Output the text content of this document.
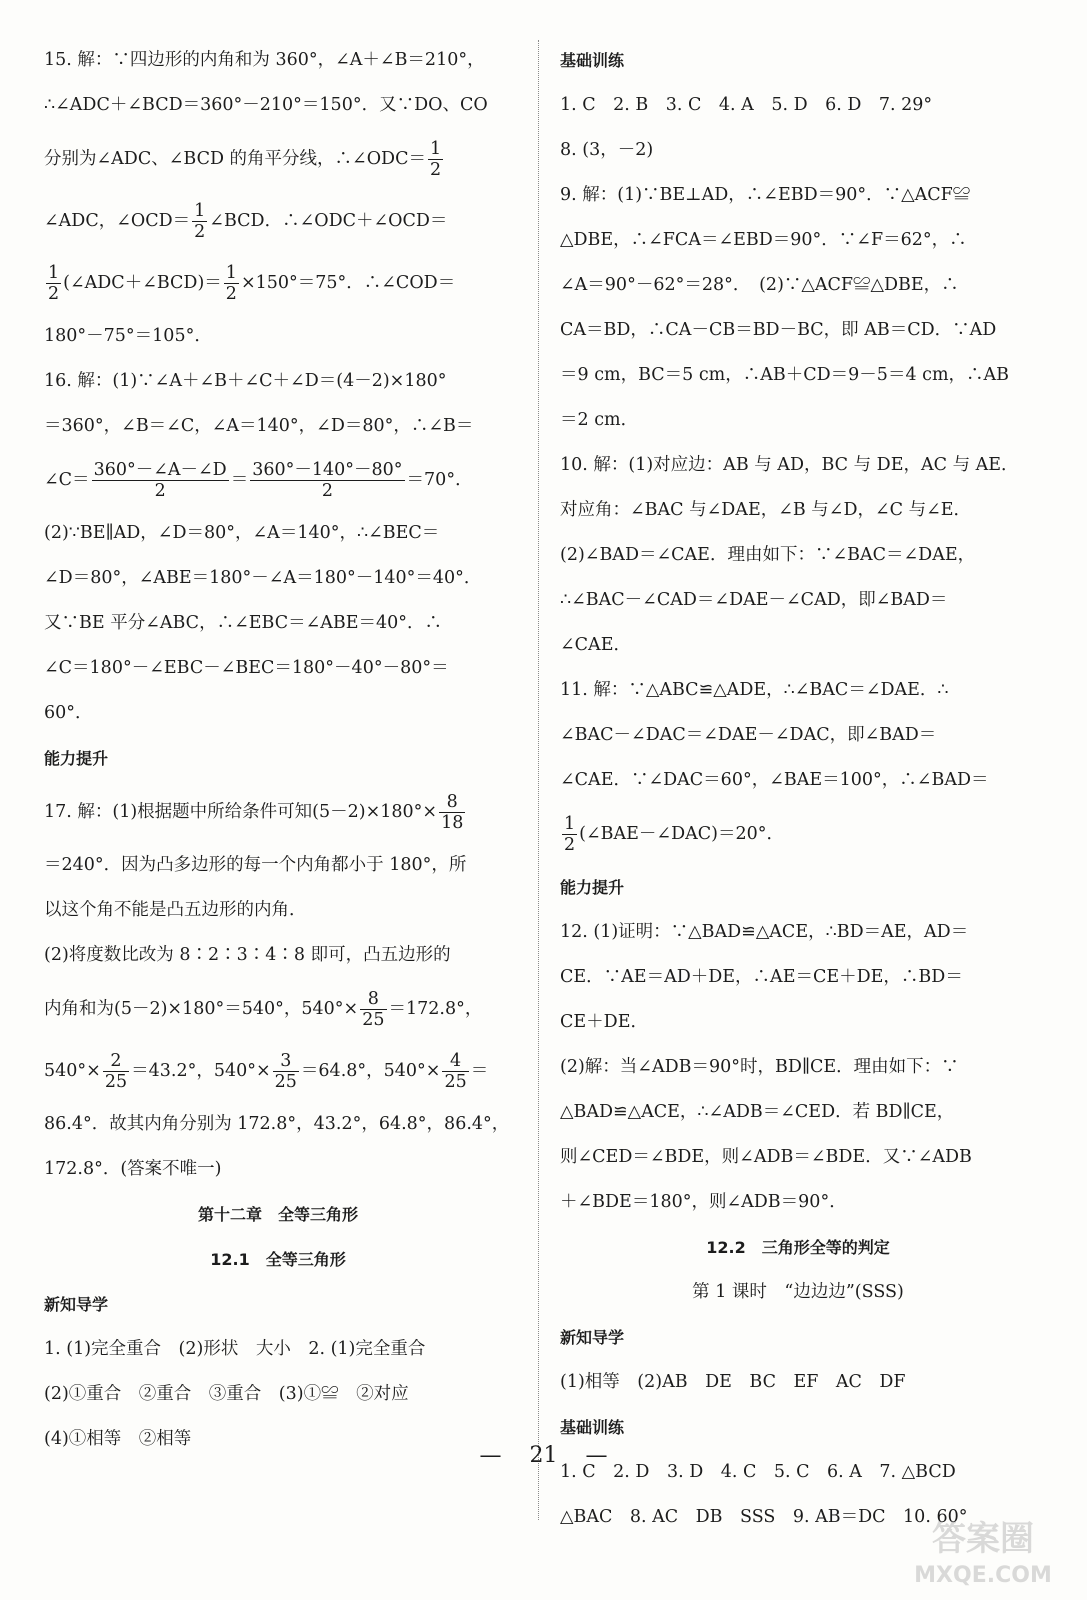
15. 解：∵四边形的内角和为 360°，∠A＋∠B＝210°，
∴∠ADC＋∠BCD＝360°－210°＝150°．又∵DO、CO
分别为∠ADC、∠BCD 的角平分线，∴∠ODC＝ $\frac{1}{2}$
∠ADC，∠OCD＝ $\frac{1}{2}$ ∠BCD．∴∠ODC＋∠OCD＝
$\frac{1}{2}$ (∠ADC＋∠BCD)＝ $\frac{1}{2} \times 150^\circ=75^\circ$．∴∠COD＝
180°－75°＝105°．
16. 解：(1)∵∠A＋∠B＋∠C＋∠D＝(4－2)×180°
＝360°，∠B＝∠C，∠A＝140°，∠D＝80°，∴∠B＝
∠C＝ $\frac{360^\circ-\angle A-\angle D}{2} = \frac{360^\circ-140^\circ-80^\circ}{2} =70^\circ$．
(2)∵BE∥AD，∠D＝80°，∠A＝140°，∴∠BEC＝
∠D＝80°，∠ABE＝180°－∠A＝180°－140°＝40°．
又∵BE 平分∠ABC，∴∠EBC＝∠ABE＝40°．∴
∠C＝180°－∠EBC－∠BEC＝180°－40°－80°＝
60°．
能力提升
17. 解：(1)根据题中所给条件可知$(5-2)\times 180^\circ\times \frac{8}{18}$
＝240°．因为凸多边形的每一个内角都小于 180°，所
以这个角不能是凸五边形的内角．
(2)将度数比改为 8∶2∶3∶4∶8 即可，凸五边形的
内角和为(5－2)×180°＝540°，$540^\circ\times \frac{8}{25} =172.8^\circ$，
$540^\circ\times \frac{2}{25} =43.2^\circ$，$540^\circ\times \frac{3}{25} =64.8^\circ$，$540^\circ\times \frac{4}{25}$ ＝
86.4°．故其内角分别为 172.8°，43.2°，64.8°，86.4°，
172.8°．(答案不唯一)
第十二章　全等三角形
12.1　全等三角形
新知导学
1. (1)完全重合　(2)形状　大小　2. (1)完全重合
(2)①重合　②重合　③重合　(3)①≌　②对应
(4)①相等　②相等
基础训练
1. C　2. B　3. C　4. A　5. D　6. D　7. 29°
8. (3，－2)
9. 解：(1)∵BE⊥AD，∴∠EBD＝90°．∵△ACF≌
△DBE，∴∠FCA＝∠EBD＝90°．∵∠F＝62°，∴
∠A＝90°－62°＝28°．　(2)∵△ACF≌△DBE，∴
CA＝BD，∴CA－CB＝BD－BC，即 AB＝CD．∵AD
＝9 cm，BC＝5 cm，∴AB＋CD＝9－5＝4 cm，∴AB
＝2 cm．
10. 解：(1)对应边：AB 与 AD，BC 与 DE，AC 与 AE．
对应角：∠BAC 与∠DAE，∠B 与∠D，∠C 与∠E．
(2)∠BAD＝∠CAE．理由如下：∵∠BAC＝∠DAE，
∴∠BAC－∠CAD＝∠DAE－∠CAD，即∠BAD＝
∠CAE．
11. 解：∵△ABC≌△ADE，∴∠BAC＝∠DAE．∴
∠BAC－∠DAC＝∠DAE－∠DAC，即∠BAD＝
∠CAE．∵∠DAC＝60°，∠BAE＝100°，∴∠BAD＝
$\frac{1}{2}$ (∠BAE－∠DAC)＝20°．
能力提升
12. (1)证明：∵△BAD≌△ACE，∴BD＝AE，AD＝
CE．∵AE＝AD＋DE，∴AE＝CE＋DE，∴BD＝
CE＋DE．
(2)解：当∠ADB＝90°时，BD∥CE．理由如下：∵
△BAD≌△ACE，∴∠ADB＝∠CED．若 BD∥CE，
则∠CED＝∠BDE，则∠ADB＝∠BDE．又∵∠ADB
＋∠BDE＝180°，则∠ADB＝90°．
12.2　三角形全等的判定
第 1 课时　“边边边”(SSS)
新知导学
(1)相等　(2)AB　DE　BC　EF　AC　DF
基础训练
1. C　2. D　3. D　4. C　5. C　6. A　7. △BCD
△BAC　8. AC　DB　SSS　9. AB＝DC　10. 60°
— 21 —
答案圈
MXQE.COM
